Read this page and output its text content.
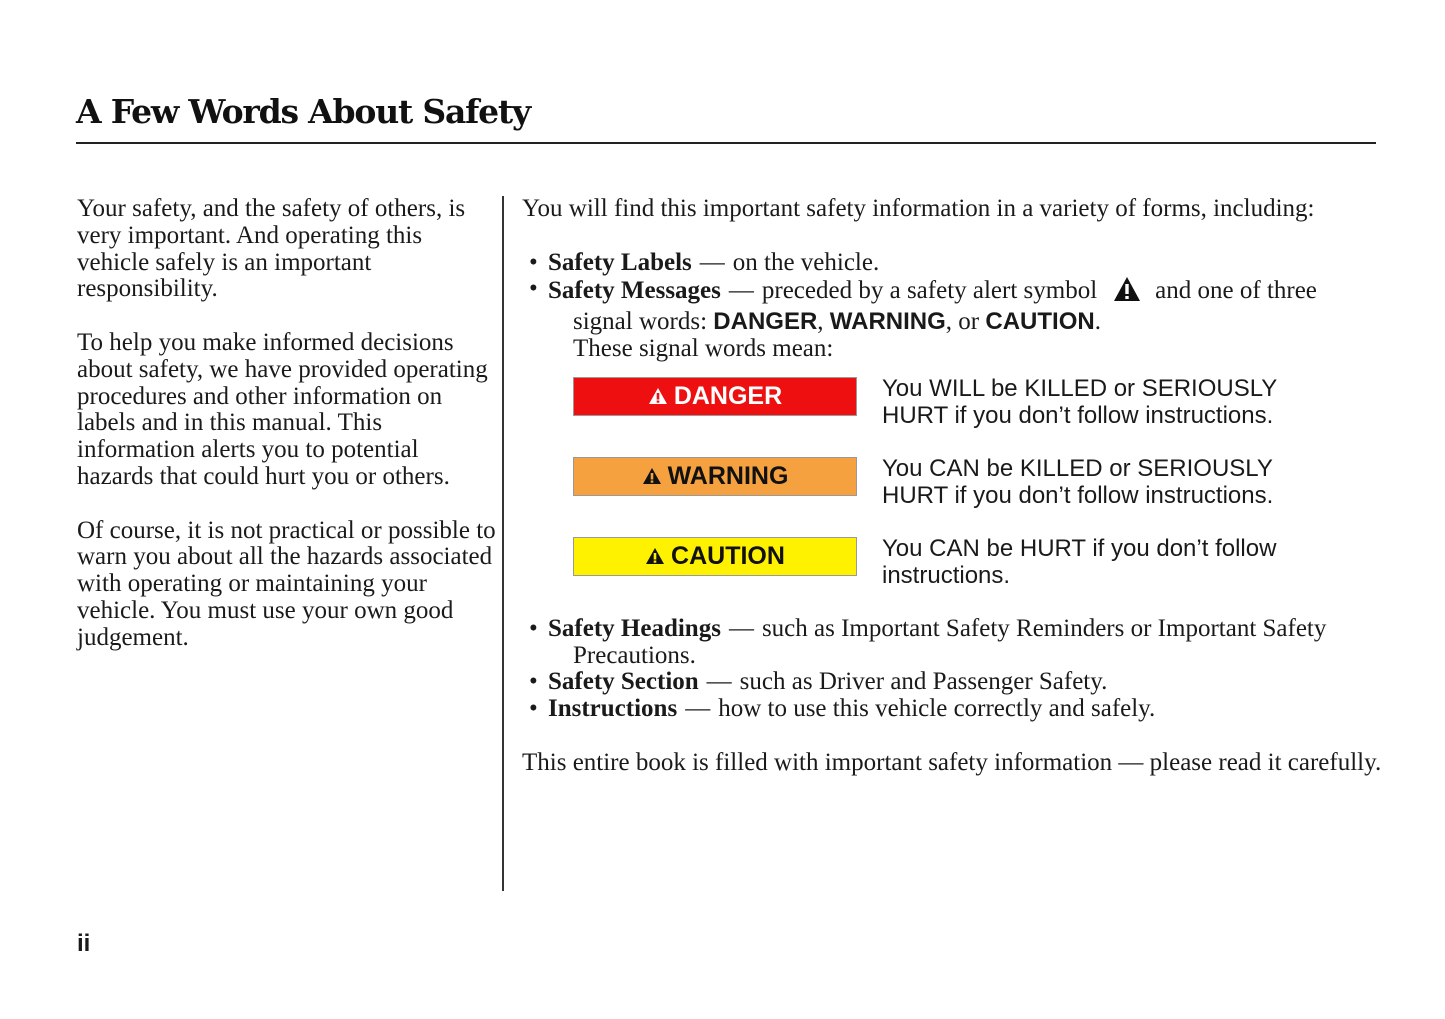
A Few Words About Safety

Your safety, and the safety of others, is very important. And operating this vehicle safely is an important responsibility.

To help you make informed decisions about safety, we have provided operating procedures and other information on labels and in this manual. This information alerts you to potential hazards that could hurt you or others.

Of course, it is not practical or possible to warn you about all the hazards associated with operating or maintaining your vehicle. You must use your own good judgement.

You will find this important safety information in a variety of forms, including:

• Safety Labels — on the vehicle.
• Safety Messages — preceded by a safety alert symbol and one of three signal words: DANGER, WARNING, or CAUTION.
These signal words mean:
DANGER	You WILL be KILLED or SERIOUSLY HURT if you don’t follow instructions.
WARNING	You CAN be KILLED or SERIOUSLY HURT if you don’t follow instructions.
CAUTION	You CAN be HURT if you don’t follow instructions.
• Safety Headings — such as Important Safety Reminders or Important Safety Precautions.
• Safety Section — such as Driver and Passenger Safety.
• Instructions — how to use this vehicle correctly and safely.

This entire book is filled with important safety information — please read it carefully.

ii
